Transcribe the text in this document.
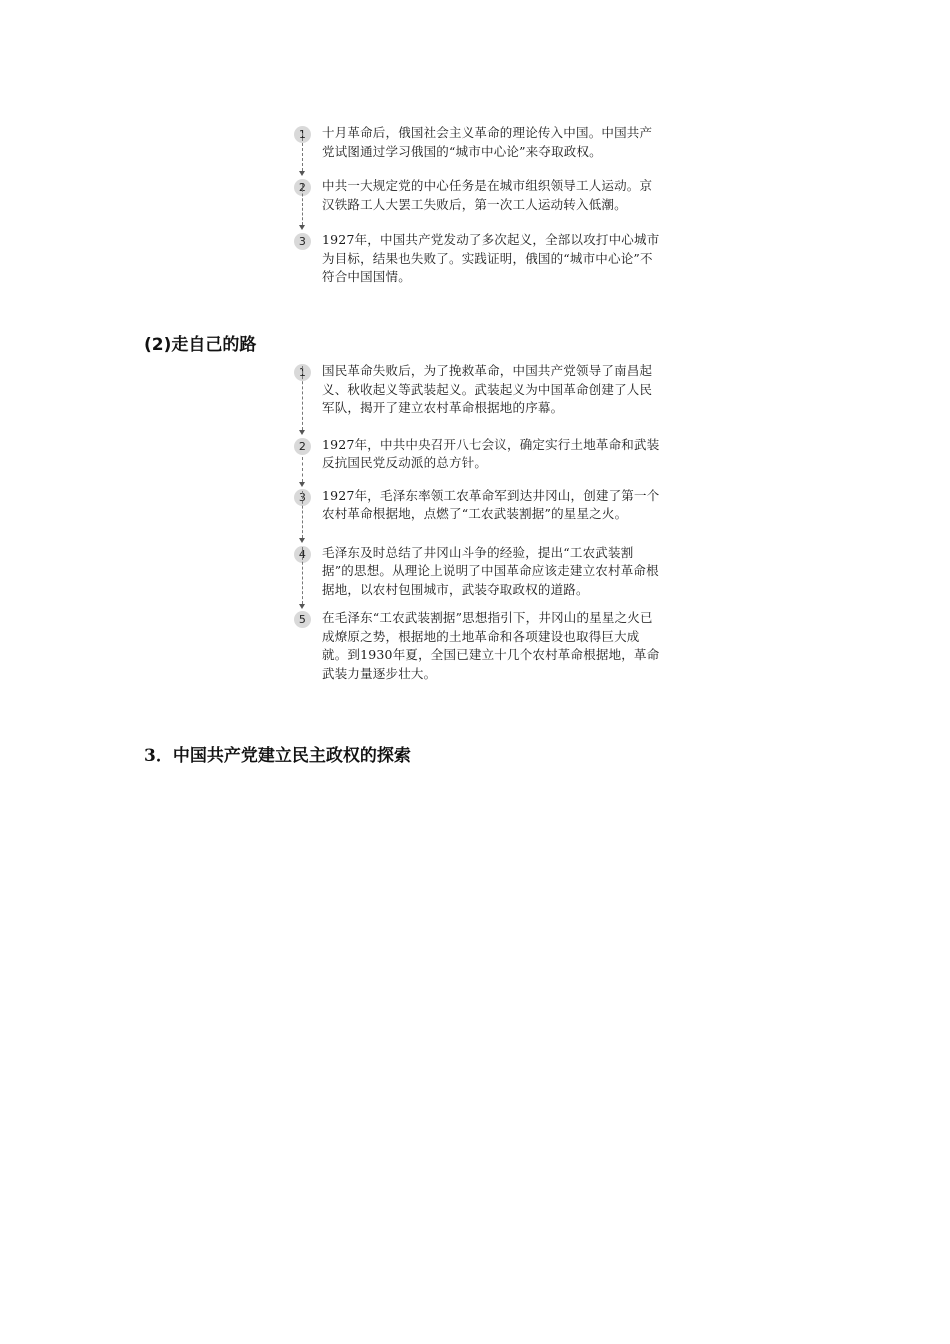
1	十月革命后，俄国社会主义革命的理论传入中国。中国共产党试图通过学习俄国的“城市中心论”来夺取政权。
2	中共一大规定党的中心任务是在城市组织领导工人运动。京汉铁路工人大罢工失败后，第一次工人运动转入低潮。
3	1927年，中国共产党发动了多次起义，全部以攻打中心城市为目标，结果也失败了。实践证明，俄国的“城市中心论”不符合中国国情。
(2)走自己的路
1	国民革命失败后，为了挽救革命，中国共产党领导了南昌起义、秋收起义等武装起义。武装起义为中国革命创建了人民军队，揭开了建立农村革命根据地的序幕。
2	1927年，中共中央召开八七会议，确定实行土地革命和武装反抗国民党反动派的总方针。
3	1927年，毛泽东率领工农革命军到达井冈山，创建了第一个农村革命根据地，点燃了“工农武装割据”的星星之火。
4	毛泽东及时总结了井冈山斗争的经验，提出“工农武装割据”的思想。从理论上说明了中国革命应该走建立农村革命根据地，以农村包围城市，武装夺取政权的道路。
5	在毛泽东“工农武装割据”思想指引下，井冈山的星星之火已成燎原之势，根据地的土地革命和各项建设也取得巨大成就。到1930年夏，全国已建立十几个农村革命根据地，革命武装力量逐步壮大。
3．中国共产党建立民主政权的探索
